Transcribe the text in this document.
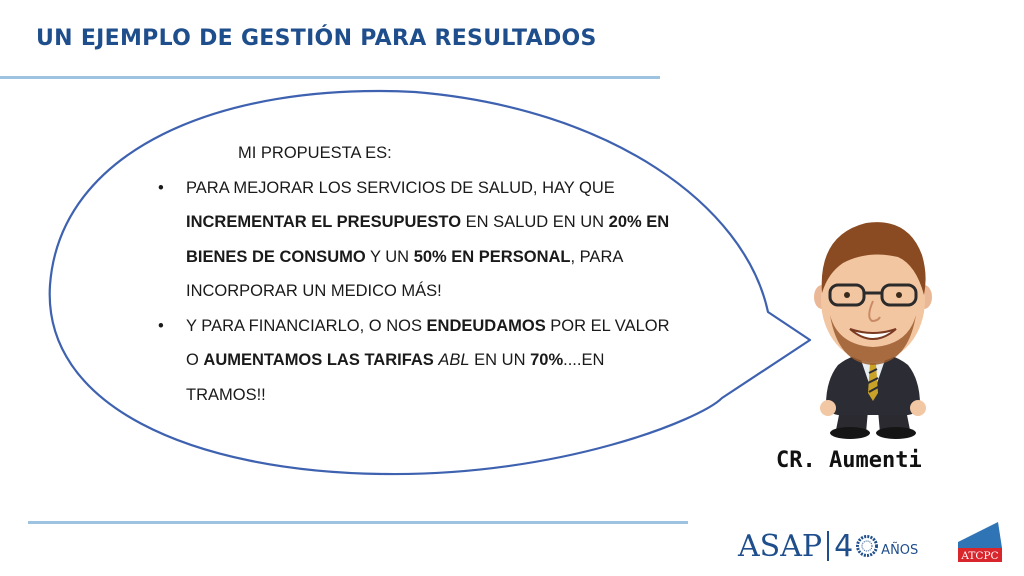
UN EJEMPLO DE GESTIÓN PARA RESULTADOS
MI PROPUESTA ES:
• PARA MEJORAR LOS SERVICIOS DE SALUD, HAY QUE INCREMENTAR EL PRESUPUESTO EN SALUD EN UN 20% EN BIENES DE CONSUMO Y UN 50% EN PERSONAL, PARA INCORPORAR UN MEDICO MÁS!
• Y PARA FINANCIARLO, O NOS ENDEUDAMOS POR EL VALOR O AUMENTAMOS LAS TARIFAS ABL EN UN 70%....EN TRAMOS!!
CR. Aumenti
ASAP 4 AÑOS	ATCPC
